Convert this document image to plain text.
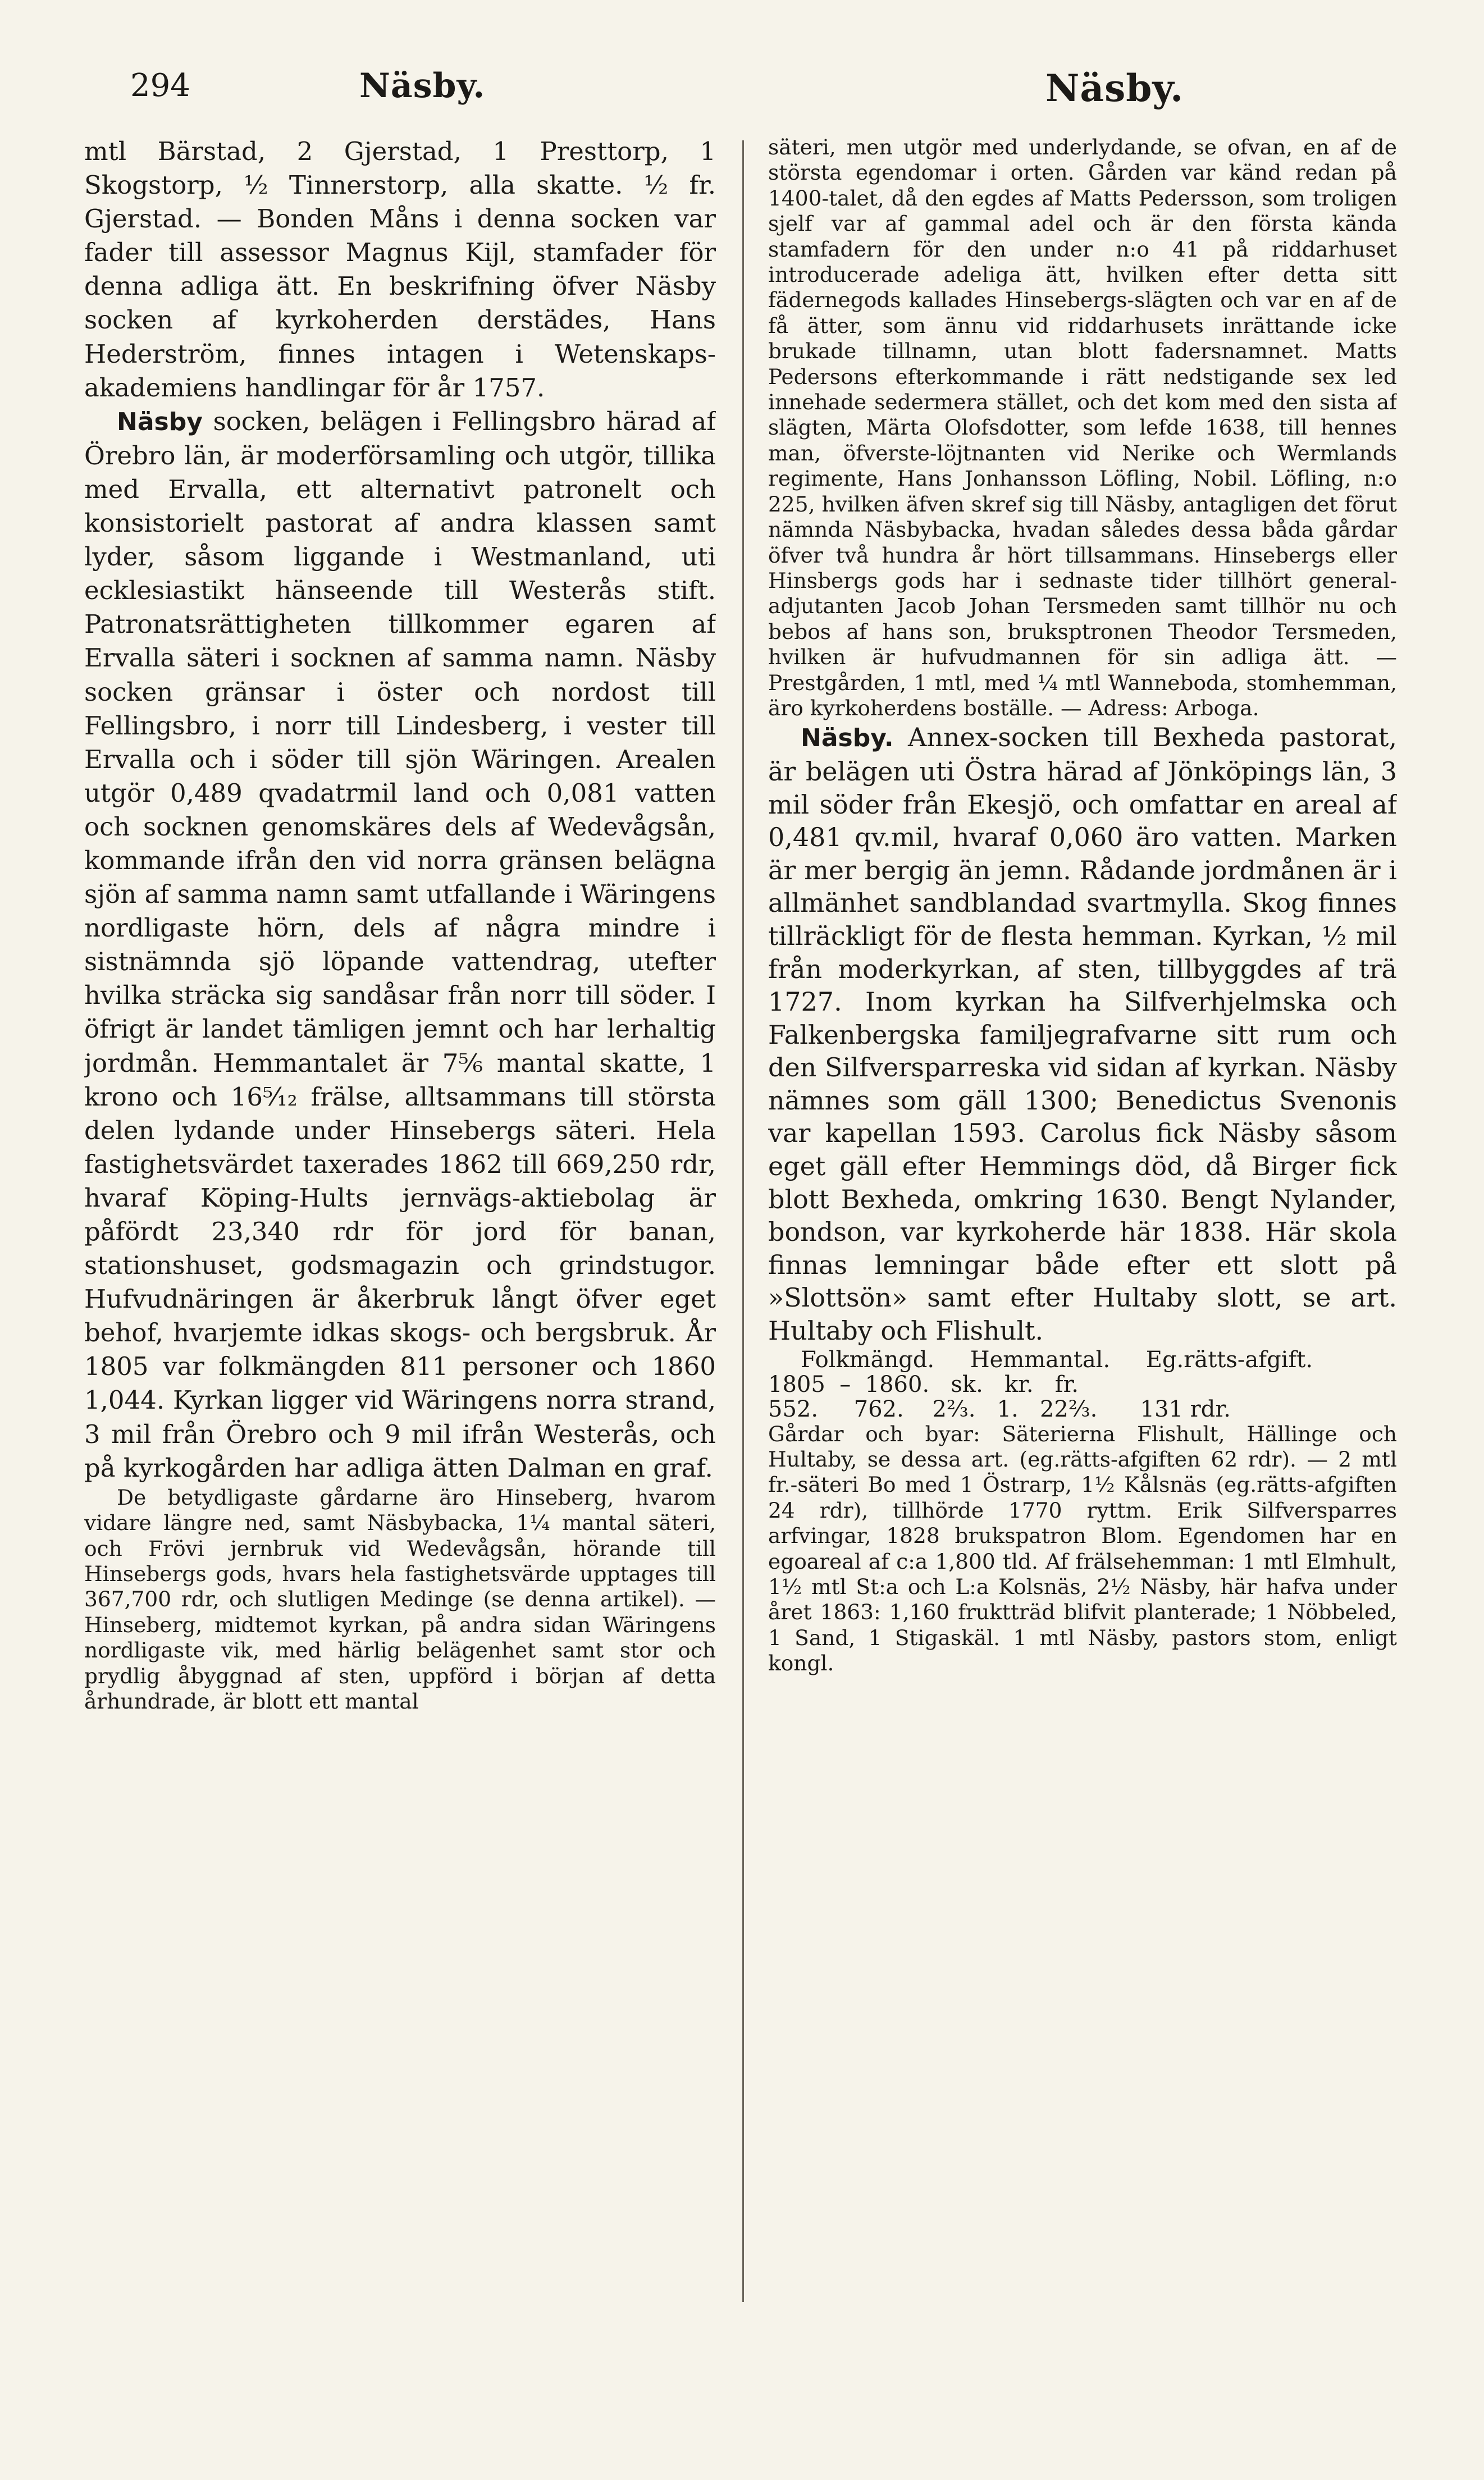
294	Näsby.	Näsby.

mtl Bärstad, 2 Gjerstad, 1 Presttorp, 1 Skogstorp, ½ Tinnerstorp, alla skatte. ½ fr. Gjerstad. — Bonden Måns i denna socken var fader till assessor Magnus Kijl, stamfader för denna adliga ätt. En beskrifning öfver Näsby socken af kyrkoherden derstädes, Hans Hederström, finnes intagen i Wetenskaps-akademiens handlingar för år 1757.

Näsby socken, belägen i Fellingsbro härad af Örebro län, är moderförsamling och utgör, tillika med Ervalla, ett alternativt patronelt och konsistorielt pastorat af andra klassen samt lyder, såsom liggande i Westmanland, uti ecklesiastikt hänseende till Westerås stift. Patronatsrättigheten tillkommer egaren af Ervalla säteri i socknen af samma namn. Näsby socken gränsar i öster och nordost till Fellingsbro, i norr till Lindesberg, i vester till Ervalla och i söder till sjön Wäringen. Arealen utgör 0,489 qvadatrmil land och 0,081 vatten och socknen genomskäres dels af Wedevågsån, kommande ifrån den vid norra gränsen belägna sjön af samma namn samt utfallande i Wäringens nordligaste hörn, dels af några mindre i sistnämnda sjö löpande vattendrag, utefter hvilka sträcka sig sandåsar från norr till söder. I öfrigt är landet tämligen jemnt och har lerhaltig jordmån. Hemmantalet är 7⁵⁄₆ mantal skatte, 1 krono och 16⁵⁄₁₂ frälse, alltsammans till största delen lydande under Hinsebergs säteri. Hela fastighetsvärdet taxerades 1862 till 669,250 rdr, hvaraf Köping-Hults jernvägs-aktiebolag är påfördt 23,340 rdr för jord för banan, stationshuset, godsmagazin och grindstugor. Hufvudnäringen är åkerbruk långt öfver eget behof, hvarjemte idkas skogs- och bergsbruk. År 1805 var folkmängden 811 personer och 1860 1,044. Kyrkan ligger vid Wäringens norra strand, 3 mil från Örebro och 9 mil ifrån Westerås, och på kyrkogården har adliga ätten Dalman en graf.

De betydligaste gårdarne äro Hinseberg, hvarom vidare längre ned, samt Näsbybacka, 1¼ mantal säteri, och Frövi jernbruk vid Wedevågsån, hörande till Hinsebergs gods, hvars hela fastighetsvärde upptages till 367,700 rdr, och slutligen Medinge (se denna artikel). — Hinseberg, midtemot kyrkan, på andra sidan Wäringens nordligaste vik, med härlig belägenhet samt stor och prydlig åbyggnad af sten, uppförd i början af detta århundrade, är blott ett mantal

säteri, men utgör med underlydande, se ofvan, en af de största egendomar i orten. Gården var känd redan på 1400-talet, då den egdes af Matts Pedersson, som troligen sjelf var af gammal adel och är den första kända stamfadern för den under n:o 41 på riddarhuset introducerade adeliga ätt, hvilken efter detta sitt fädernegods kallades Hinsebergs-slägten och var en af de få ätter, som ännu vid riddarhusets inrättande icke brukade tillnamn, utan blott fadersnamnet. Matts Pedersons efterkommande i rätt nedstigande sex led innehade sedermera stället, och det kom med den sista af slägten, Märta Olofsdotter, som lefde 1638, till hennes man, öfverste-löjtnanten vid Nerike och Wermlands regimente, Hans Jonhansson Löfling, Nobil. Löfling, n:o 225, hvilken äfven skref sig till Näsby, antagligen det förut nämnda Näsbybacka, hvadan således dessa båda gårdar öfver två hundra år hört tillsammans. Hinsebergs eller Hinsbergs gods har i sednaste tider tillhört general-adjutanten Jacob Johan Tersmeden samt tillhör nu och bebos af hans son, bruksptronen Theodor Tersmeden, hvilken är hufvudmannen för sin adliga ätt. — Prestgården, 1 mtl, med ¼ mtl Wanneboda, stomhemman, äro kyrkoherdens boställe. — Adress: Arboga.

Näsby. Annex-socken till Bexheda pastorat, är belägen uti Östra härad af Jönköpings län, 3 mil söder från Ekesjö, och omfattar en areal af 0,481 qv.mil, hvaraf 0,060 äro vatten. Marken är mer bergig än jemn. Rådande jordmånen är i allmänhet sandblandad svartmylla. Skog finnes tillräckligt för de flesta hemman. Kyrkan, ½ mil från moderkyrkan, af sten, tillbyggdes af trä 1727. Inom kyrkan ha Silfverhjelmska och Falkenbergska familjegrafvarne sitt rum och den Silfversparreska vid sidan af kyrkan. Näsby nämnes som gäll 1300; Benedictus Svenonis var kapellan 1593. Carolus fick Näsby såsom eget gäll efter Hemmings död, då Birger fick blott Bexheda, omkring 1630. Bengt Nylander, bondson, var kyrkoherde här 1838. Här skola finnas lemningar både efter ett slott på »Slottsön» samt efter Hultaby slott, se art. Hultaby och Flishult.

Folkmängd.     Hemmantal.     Eg.rätts-afgift.
1805  –  1860.   sk.   kr.   fr.
552.     762.    2⅔.   1.   22⅔.      131 rdr.

Gårdar och byar: Säterierna Flishult, Hällinge och Hultaby, se dessa art. (eg.rätts-afgiften 62 rdr). — 2 mtl fr.-säteri Bo med 1 Östrarp, 1½ Kålsnäs (eg.rätts-afgiften 24 rdr), tillhörde 1770 ryttm. Erik Silfversparres arfvingar, 1828 brukspatron Blom. Egendomen har en egoareal af c:a 1,800 tld. Af frälsehemman: 1 mtl Elmhult, 1½ mtl St:a och L:a Kolsnäs, 2½ Näsby, här hafva under året 1863: 1,160 fruktträd blifvit planterade; 1 Nöbbeled, 1 Sand, 1 Stigaskäl. 1 mtl Näsby, pastors stom, enligt kongl.
